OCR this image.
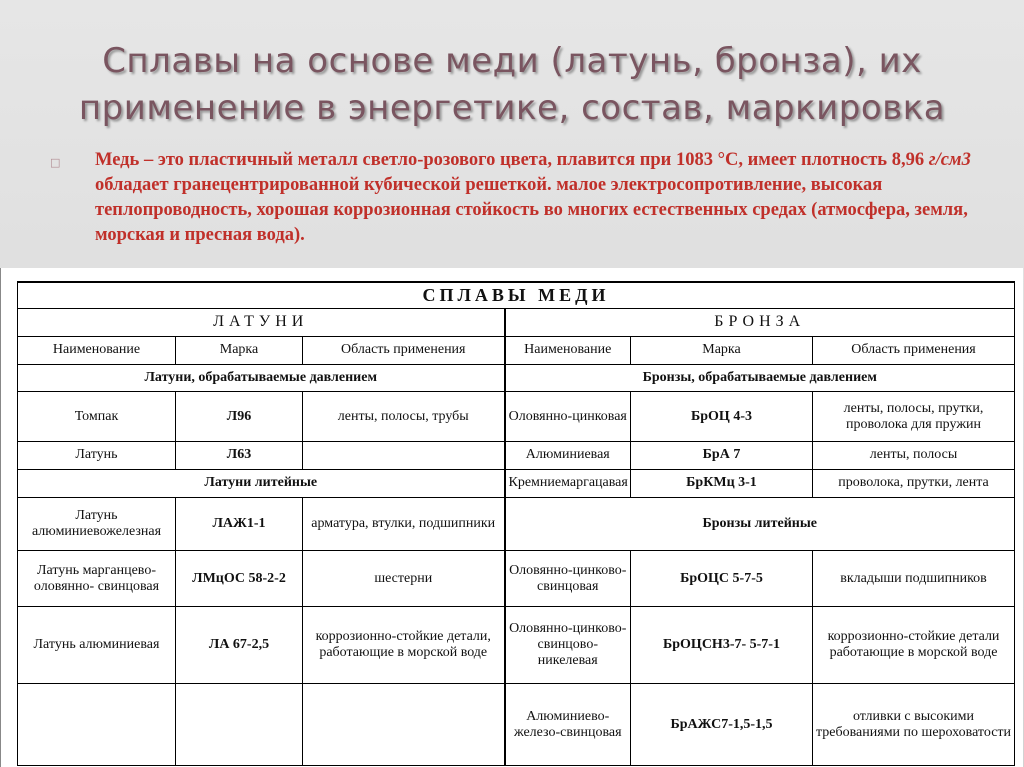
Сплавы на основе меди (латунь, бронза), их
применение в энергетике, состав, маркировка
□ Медь – это пластичный металл светло-розового цвета, плавится при 1083 °С, имеет плотность 8,96 г/см3 обладает гранецентрированной кубической решеткой. малое электросопротивление, высокая теплопроводность, хорошая коррозионная стойкость во многих естественных средах (атмосфера, земля, морская и пресная вода).
СПЛАВЫ МЕДИ					
ЛАТУНИ			БРОНЗА		
Наименование	Марка	Область применения	Наименование	Марка	Область применения
Латуни, обрабатываемые давлением			Бронзы, обрабатываемые давлением		
Томпак	Л96	ленты, полосы, трубы	Оловянно-цинковая	БрОЦ 4-3	ленты, полосы, прутки, проволока для пружин
Латунь	Л63		Алюминиевая	БрА 7	ленты, полосы
Латуни литейные			Кремниемаргацавая	БрКМц 3-1	проволока, прутки, лента
Латунь алюминиевожелезная	ЛАЖ1-1	арматура, втулки, подшипники	Бронзы литейные		
Латунь марганцево-оловянно- свинцовая	ЛМцОС 58-2-2	шестерни	Оловянно-цинково-свинцовая	БрОЦС 5-7-5	вкладыши подшипников
Латунь алюминиевая	ЛА 67-2,5	коррозионно-стойкие детали, работающие в морской воде	Оловянно-цинково-свинцово-никелевая	БрОЦСН3-7- 5-7-1	коррозионно-стойкие детали работающие в морской воде
			Алюминиево-железо-свинцовая	БрАЖС7-1,5-1,5	отливки с высокими требованиями по шероховатости
